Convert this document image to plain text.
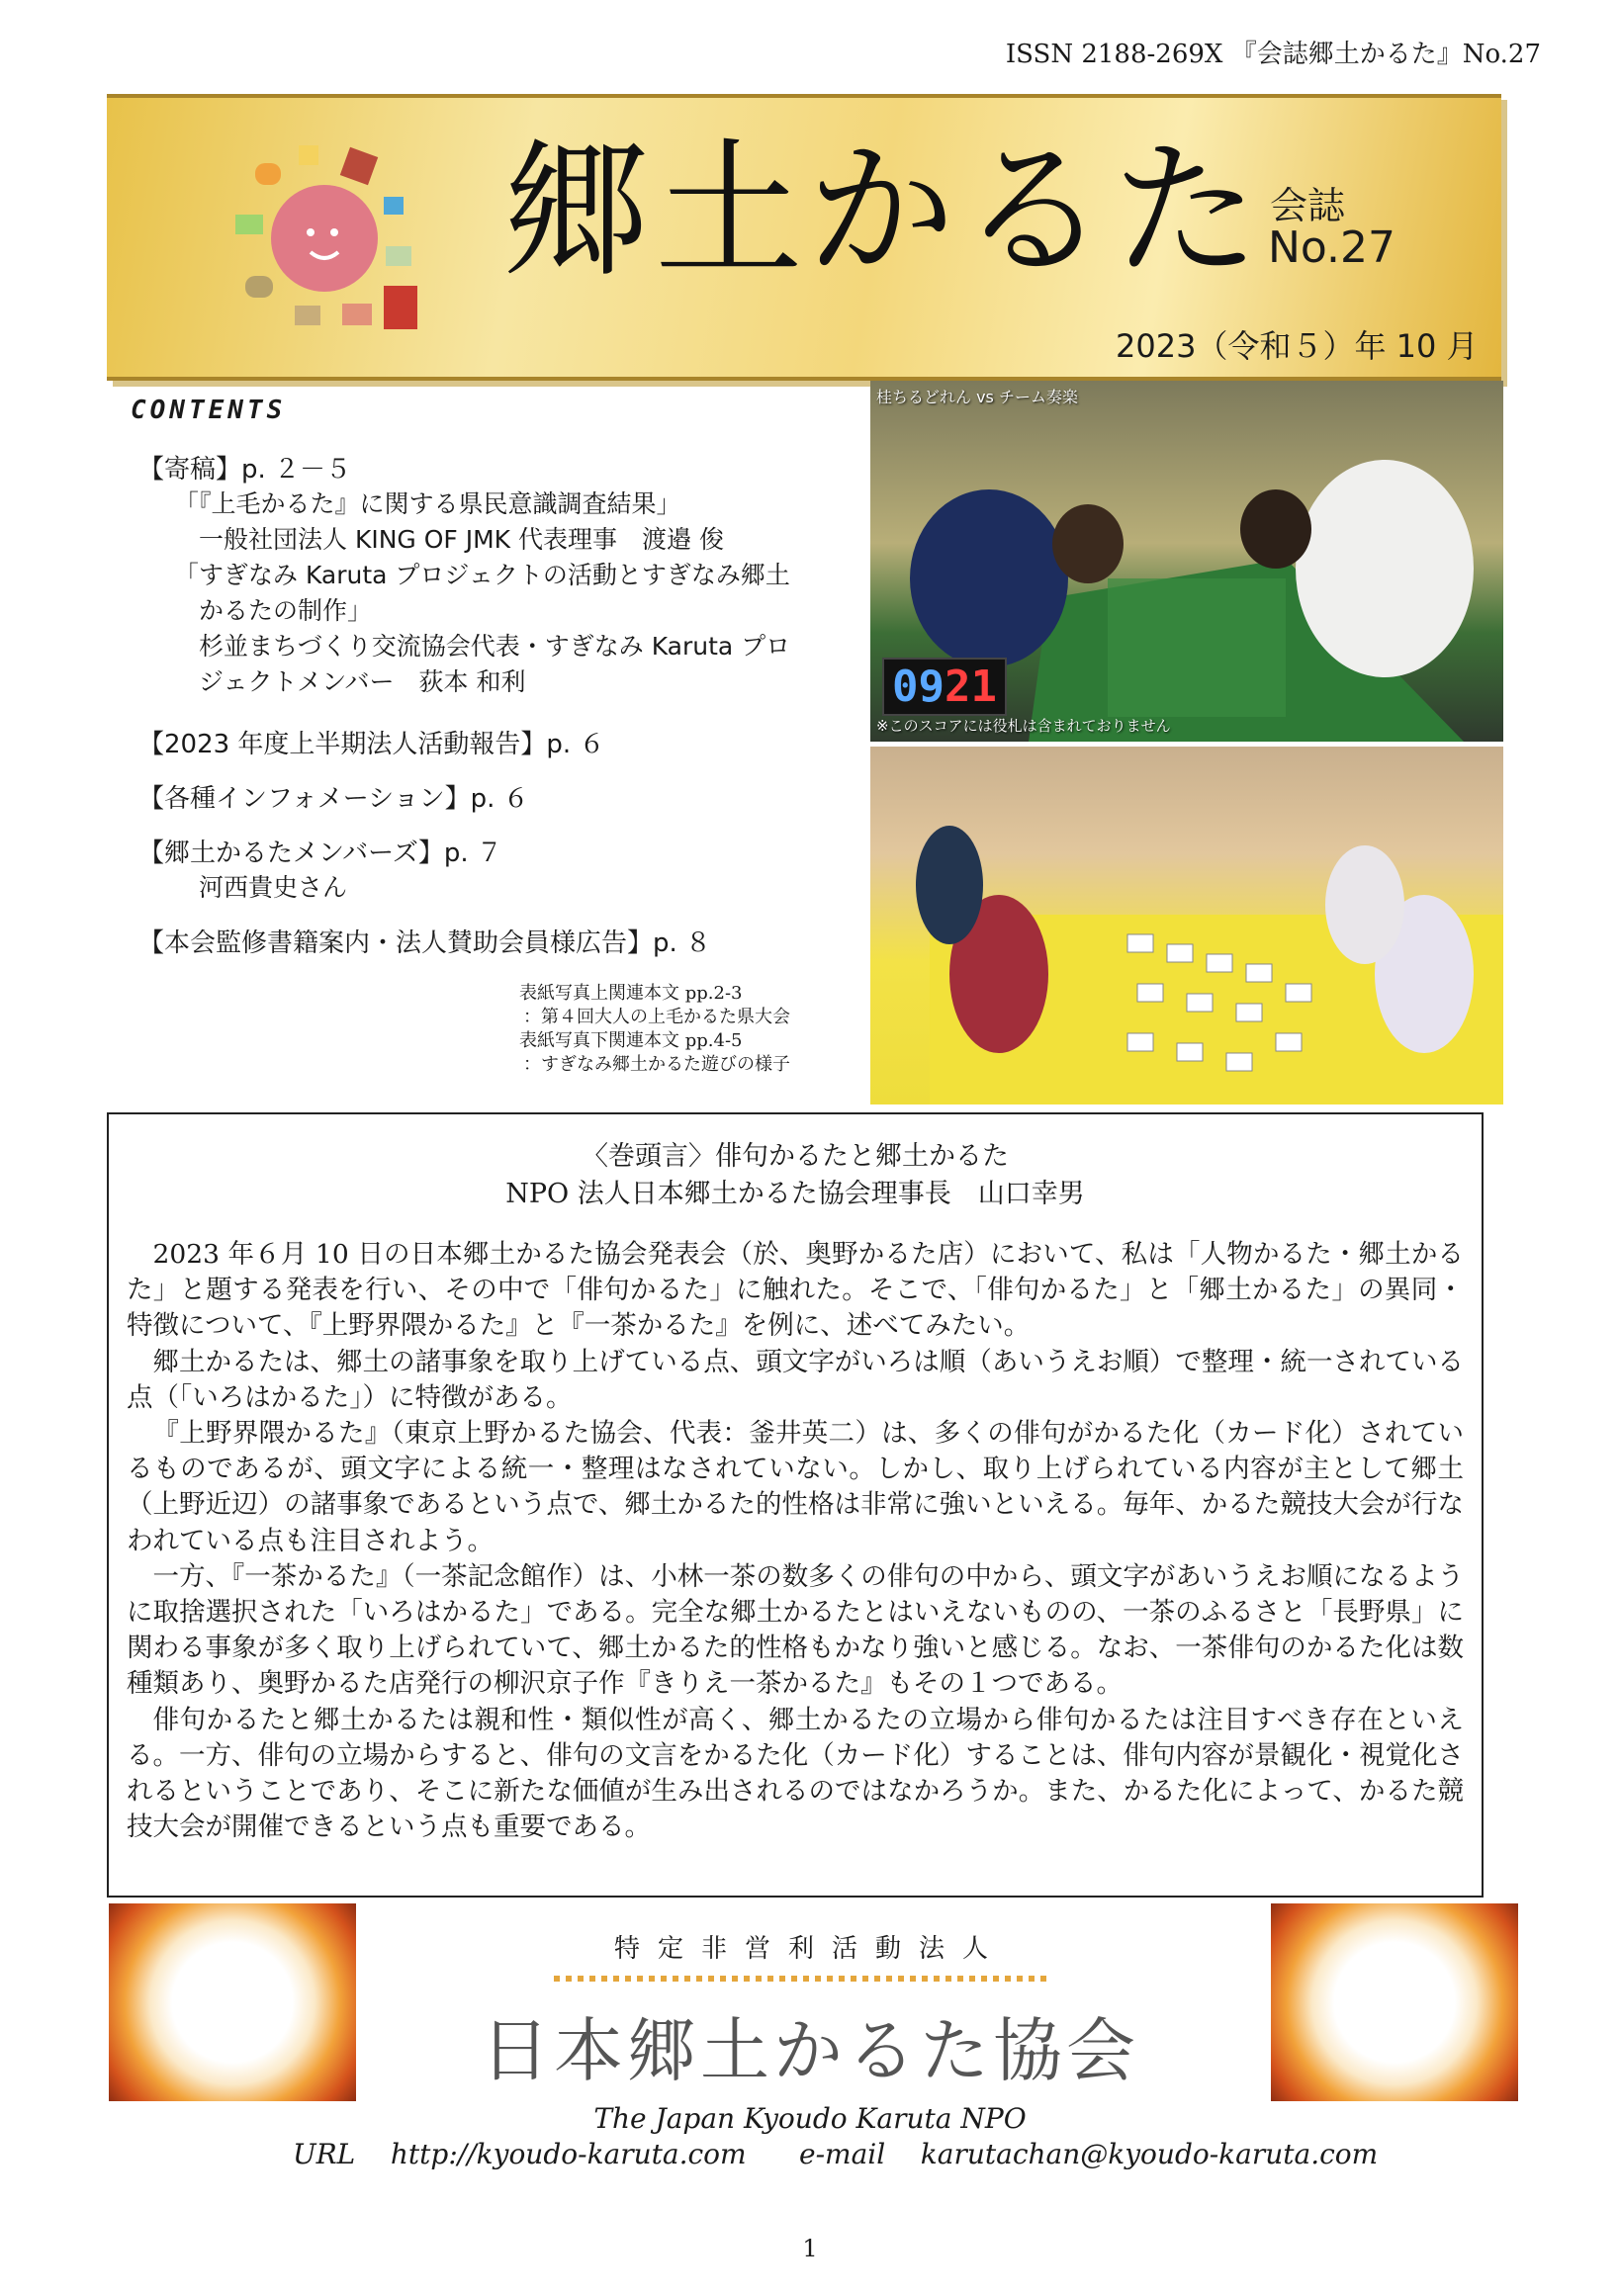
ISSN 2188-269X 『会誌郷土かるた』No.27
郷土かるた 会誌
No.27
2023（令和５）年 10 月
CONTENTS
【寄稿】p. ２－５
「『上毛かるた』に関する県民意識調査結果」
　一般社団法人 KING OF JMK 代表理事　渡邉 俊
「すぎなみ Karuta プロジェクトの活動とすぎなみ郷土
　かるたの制作」
　杉並まちづくり交流協会代表・すぎなみ Karuta プロ
　ジェクトメンバー　荻本 和利
【2023 年度上半期法人活動報告】p. ６
【各種インフォメーション】p. ６
【郷土かるたメンバーズ】p. ７
　河西貴史さん
【本会監修書籍案内・法人賛助会員様広告】p. ８
表紙写真上関連本文 pp.2-3
：第４回大人の上毛かるた県大会
表紙写真下関連本文 pp.4-5
：すぎなみ郷土かるた遊びの様子
桂ちるどれん vs チーム奏楽
0921
※このスコアには役札は含まれておりません
〈巻頭言〉俳句かるたと郷土かるた
NPO 法人日本郷土かるた協会理事長　山口幸男

2023 年６月 10 日の日本郷土かるた協会発表会（於、奥野かるた店）において、私は「人物かるた・郷土かるた」と題する発表を行い、その中で「俳句かるた」に触れた。そこで、「俳句かるた」と「郷土かるた」の異同・特徴について、『上野界隈かるた』と『一茶かるた』を例に、述べてみたい。

郷土かるたは、郷土の諸事象を取り上げている点、頭文字がいろは順（あいうえお順）で整理・統一されている点（「いろはかるた」）に特徴がある。

『上野界隈かるた』（東京上野かるた協会、代表：釜井英二）は、多くの俳句がかるた化（カード化）されているものであるが、頭文字による統一・整理はなされていない。しかし、取り上げられている内容が主として郷土（上野近辺）の諸事象であるという点で、郷土かるた的性格は非常に強いといえる。毎年、かるた競技大会が行なわれている点も注目されよう。

一方、『一茶かるた』（一茶記念館作）は、小林一茶の数多くの俳句の中から、頭文字があいうえお順になるように取捨選択された「いろはかるた」である。完全な郷土かるたとはいえないものの、一茶のふるさと「長野県」に関わる事象が多く取り上げられていて、郷土かるた的性格もかなり強いと感じる。なお、一茶俳句のかるた化は数種類あり、奥野かるた店発行の柳沢京子作『きりえ一茶かるた』もその１つである。

俳句かるたと郷土かるたは親和性・類似性が高く、郷土かるたの立場から俳句かるたは注目すべき存在といえる。一方、俳句の立場からすると、俳句の文言をかるた化（カード化）することは、俳句内容が景観化・視覚化されるということであり、そこに新たな価値が生み出されるのではなかろうか。また、かるた化によって、かるた競技大会が開催できるという点も重要である。

特定非営利活動法人
日本郷土かるた協会
The Japan Kyoudo Karuta NPO
URL http://kyoudo-karuta.com e-mail karutachan@kyoudo-karuta.com
1
